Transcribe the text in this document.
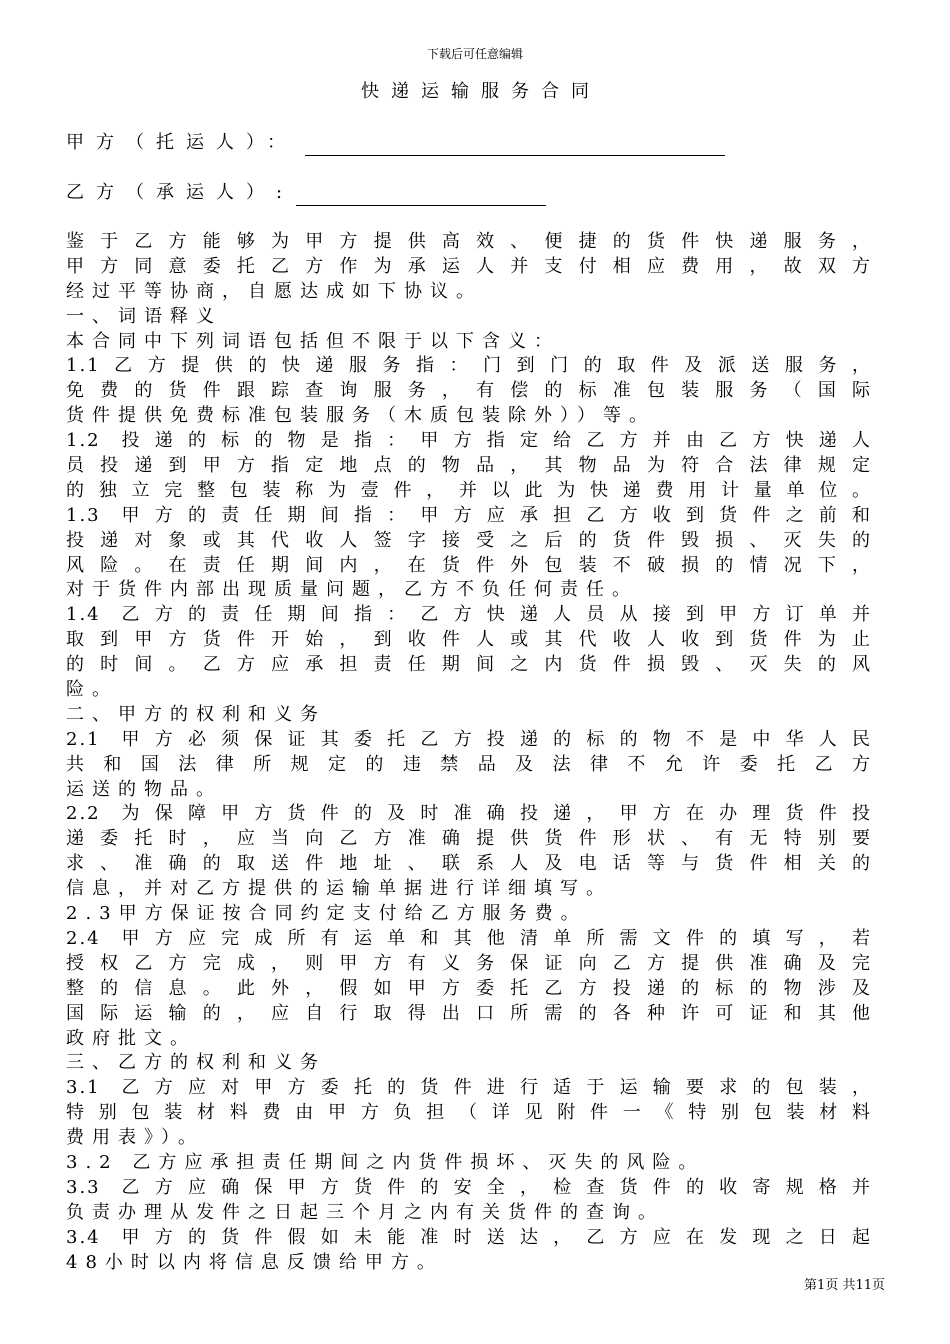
下载后可任意编辑
快递运输服务合同
甲方（托运人）：
乙方（承运人）:
鉴于乙方能够为甲方提供高效、便捷的货件快递服务，
甲方同意委托乙方作为承运人并支付相应费用，故双方
经过平等协商，自愿达成如下协议。
一、词语释义
本合同中下列词语包括但不限于以下含义：
1.1乙方提供的快递服务指：门到门的取件及派送服务，
免费的货件跟踪查询服务，有偿的标准包装服务（国际
货件提供免费标准包装服务（木质包装除外））等。
1.2 投递的标的物是指：甲方指定给乙方并由乙方快递人
员投递到甲方指定地点的物品，其物品为符合法律规定
的独立完整包装称为壹件，并以此为快递费用计量单位。
1.3 甲方的责任期间指：甲方应承担乙方收到货件之前和
投递对象或其代收人签字接受之后的货件毁损、灭失的
风险。在责任期间内，在货件外包装不破损的情况下，
对于货件内部出现质量问题，乙方不负任何责任。
1.4 乙方的责任期间指：乙方快递人员从接到甲方订单并
取到甲方货件开始，到收件人或其代收人收到货件为止
的时间。乙方应承担责任期间之内货件损毁、灭失的风
险。
二、甲方的权利和义务
2.1 甲方必须保证其委托乙方投递的标的物不是中华人民
共和国法律所规定的违禁品及法律不允许委托乙方
运送的物品。
2.2 为保障甲方货件的及时准确投递，甲方在办理货件投
递委托时，应当向乙方准确提供货件形状、有无特别要
求、准确的取送件地址、联系人及电话等与货件相关的
信息，并对乙方提供的运输单据进行详细填写。
2.3甲方保证按合同约定支付给乙方服务费。
2.4 甲方应完成所有运单和其他清单所需文件的填写，若
授权乙方完成，则甲方有义务保证向乙方提供准确及完
整的信息。此外，假如甲方委托乙方投递的标的物涉及
国际运输的，应自行取得出口所需的各种许可证和其他
政府批文。
三、乙方的权利和义务
3.1 乙方应对甲方委托的货件进行适于运输要求的包装，
特别包装材料费由甲方负担（详见附件一《特别包装材料
费用表》）。
3.2 乙方应承担责任期间之内货件损坏、灭失的风险。
3.3 乙方应确保甲方货件的安全，检查货件的收寄规格并
负责办理从发件之日起三个月之内有关货件的查询。
3.4 甲方的货件假如未能准时送达，乙方应在发现之日起
48小时以内将信息反馈给甲方。
第1页 共11页
